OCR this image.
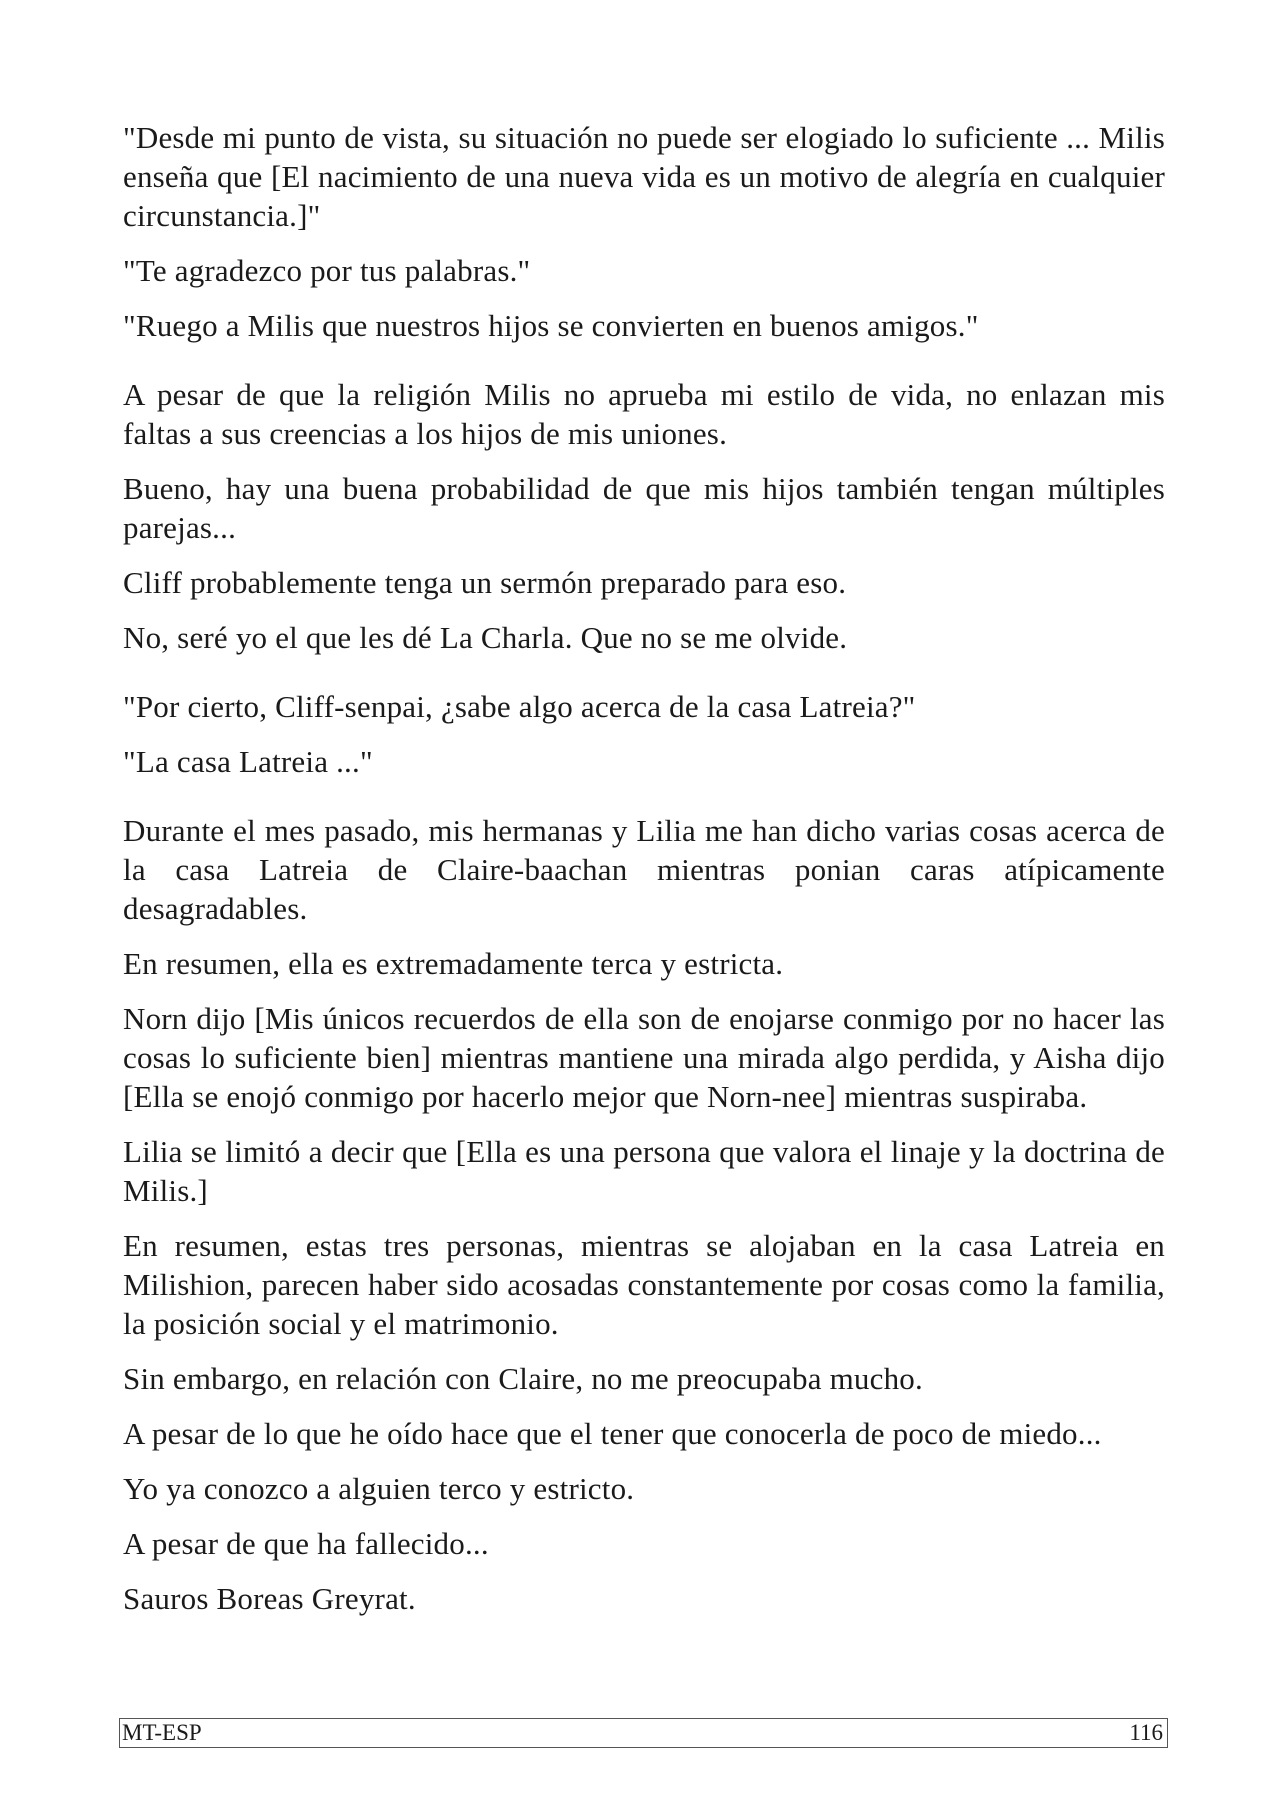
"Desde mi punto de vista, su situación no puede ser elogiado lo suficiente ... Milis enseña que [El nacimiento de una nueva vida es un motivo de alegría en cualquier circunstancia.]"

"Te agradezco por tus palabras."

"Ruego a Milis que nuestros hijos se convierten en buenos amigos."

A pesar de que la religión Milis no aprueba mi estilo de vida, no enlazan mis faltas a sus creencias a los hijos de mis uniones.

Bueno, hay una buena probabilidad de que mis hijos también tengan múltiples parejas...

Cliff probablemente tenga un sermón preparado para eso.

No, seré yo el que les dé La Charla. Que no se me olvide.

"Por cierto, Cliff-senpai, ¿sabe algo acerca de la casa Latreia?"

"La casa Latreia ..."

Durante el mes pasado, mis hermanas y Lilia me han dicho varias cosas acerca de la casa Latreia de Claire-baachan mientras ponian caras atípicamente desagradables.

En resumen, ella es extremadamente terca y estricta.

Norn dijo [Mis únicos recuerdos de ella son de enojarse conmigo por no hacer las cosas lo suficiente bien] mientras mantiene una mirada algo perdida, y Aisha dijo [Ella se enojó conmigo por hacerlo mejor que Norn-nee] mientras suspiraba.

Lilia se limitó a decir que [Ella es una persona que valora el linaje y la doctrina de Milis.]

En resumen, estas tres personas, mientras se alojaban en la casa Latreia en Milishion, parecen haber sido acosadas constantemente por cosas como la familia, la posición social y el matrimonio.

Sin embargo, en relación con Claire, no me preocupaba mucho.

A pesar de lo que he oído hace que el tener que conocerla de poco de miedo...

Yo ya conozco a alguien terco y estricto.

A pesar de que ha fallecido...

Sauros Boreas Greyrat.

MT-ESP	116
